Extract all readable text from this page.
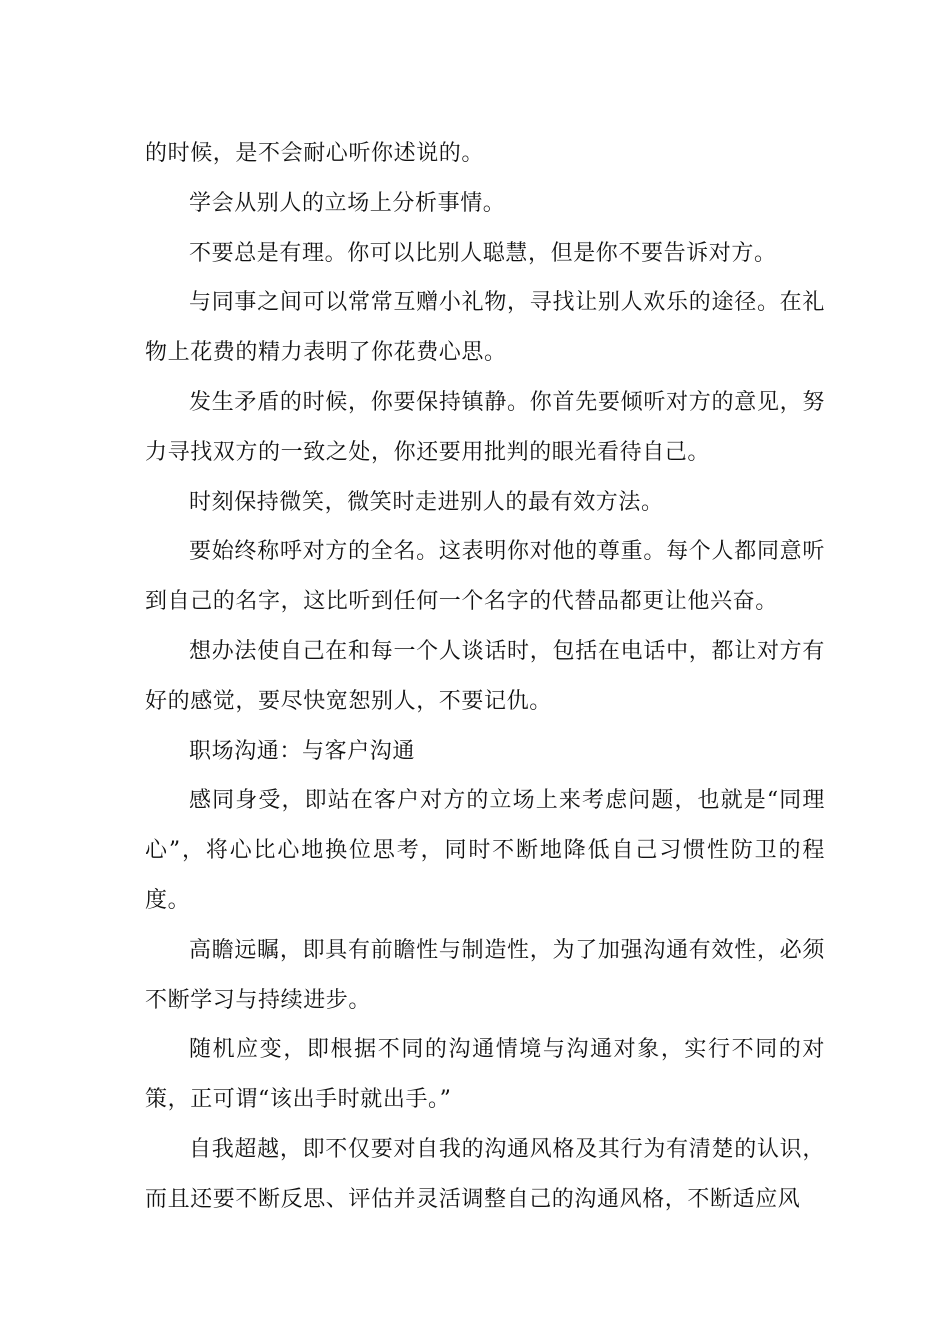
的时候，是不会耐心听你述说的。

学会从别人的立场上分析事情。

不要总是有理。你可以比别人聪慧，但是你不要告诉对方。

与同事之间可以常常互赠小礼物，寻找让别人欢乐的途径。在礼物上花费的精力表明了你花费心思。

发生矛盾的时候，你要保持镇静。你首先要倾听对方的意见，努力寻找双方的一致之处，你还要用批判的眼光看待自己。

时刻保持微笑，微笑时走进别人的最有效方法。

要始终称呼对方的全名。这表明你对他的尊重。每个人都同意听到自己的名字，这比听到任何一个名字的代替品都更让他兴奋。

想办法使自己在和每一个人谈话时，包括在电话中，都让对方有好的感觉，要尽快宽恕别人，不要记仇。

职场沟通：与客户沟通

感同身受，即站在客户对方的立场上来考虑问题，也就是“同理心”，将心比心地换位思考，同时不断地降低自己习惯性防卫的程度。

高瞻远瞩，即具有前瞻性与制造性，为了加强沟通有效性，必须不断学习与持续进步。

随机应变，即根据不同的沟通情境与沟通对象，实行不同的对策，正可谓“该出手时就出手。”

自我超越，即不仅要对自我的沟通风格及其行为有清楚的认识，而且还要不断反思、评估并灵活调整自己的沟通风格，不断适应风
